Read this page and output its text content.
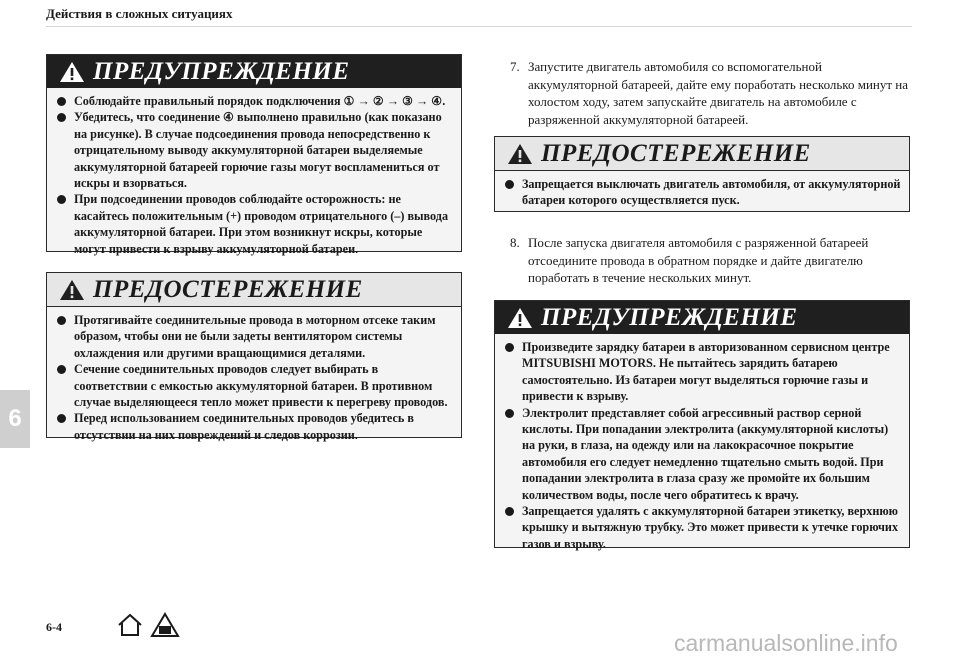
Действия в сложных ситуациях
ПРЕДУПРЕЖДЕНИЕ
Соблюдайте правильный порядок подключения ① → ② → ③ → ④.
Убедитесь, что соединение ④ выполнено правильно (как показано на рисунке). В случае подсоединения провода непосредственно к отрицательному выводу аккумуляторной батареи выделяемые аккумуляторной батареей горючие газы могут воспламениться от искры и взорваться.
При подсоединении проводов соблюдайте осторожность: не касайтесь положительным (+) проводом отрицательного (–) вывода аккумуляторной батареи. При этом возникнут искры, которые могут привести к взрыву аккумуляторной батареи.
ПРЕДОСТЕРЕЖЕНИЕ
Протягивайте соединительные провода в моторном отсеке таким образом, чтобы они не были задеты вентилятором системы охлаждения или другими вращающимися деталями.
Сечение соединительных проводов следует выбирать в соответствии с емкостью аккумуляторной батареи. В противном случае выделяющееся тепло может привести к перегреву проводов.
Перед использованием соединительных проводов убедитесь в отсутствии на них повреждений и следов коррозии.
7. Запустите двигатель автомобиля со вспомогательной аккумуляторной батареей, дайте ему поработать несколько минут на холостом ходу, затем запускайте двигатель на автомобиле с разряженной аккумуляторной батареей.
ПРЕДОСТЕРЕЖЕНИЕ
Запрещается выключать двигатель автомобиля, от аккумуляторной батареи которого осуществляется пуск.
8. После запуска двигателя автомобиля с разряженной батареей отсоедините провода в обратном порядке и дайте двигателю поработать в течение нескольких минут.
ПРЕДУПРЕЖДЕНИЕ
Произведите зарядку батареи в авторизованном сервисном центре MITSUBISHI MOTORS. Не пытайтесь зарядить батарею самостоятельно. Из батареи могут выделяться горючие газы и привести к взрыву.
Электролит представляет собой агрессивный раствор серной кислоты. При попадании электролита (аккумуляторной кислоты) на руки, в глаза, на одежду или на лакокрасочное покрытие автомобиля его следует немедленно тщательно смыть водой. При попадании электролита в глаза сразу же промойте их большим количеством воды, после чего обратитесь к врачу.
Запрещается удалять с аккумуляторной батареи этикетку, верхнюю крышку и вытяжную трубку. Это может привести к утечке горючих газов и взрыву.
6
6-4
carmanualsonline.info
